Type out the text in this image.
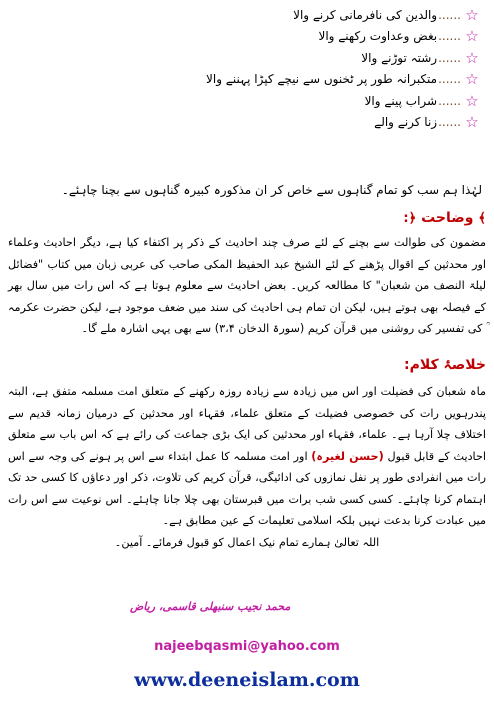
☆
......
والدین کی نافرمانی کرنے والا
☆
......
بغض وعداوت رکھنے والا
☆
......
رشتہ توڑنے والا
☆
......
متکبرانہ طور پر ٹخنوں سے نیچے کپڑا پہننے والا
☆
......
شراب پینے والا
☆
......
زنا کرنے والے
لہٰذا ہم سب کو تمام گناہوں سے خاص کر ان مذکورہ کبیرہ گناہوں سے بچنا چاہئے۔
﴾ وضاحت ﴿:
مضمون کی طوالت سے بچنے کے لئے صرف چند احادیث کے ذکر پر اکتفاء کیا ہے، دیگر احادیث وعلماء اور محدثین کے اقوال پڑھنے کے لئے الشیخ عبد الحفیظ المکی صاحب کی عربی زبان میں کتاب "فضائل لیلۃ النصف من شعبان" کا مطالعہ کریں۔ بعض احادیث سے معلوم ہوتا ہے کہ اس رات میں سال بھر کے فیصلہ بھی ہوتے ہیں، لیکن ان تمام ہی احادیث کی سند میں ضعف موجود ہے، لیکن حضرت عکرمہ ؒ کی تفسیر کی روشنی میں قرآن کریم (سورۃ الدخان ۳،۴) سے بھی یہی اشارہ ملے گا۔
خلاصۂ کلام:
ماہ شعبان کی فضیلت اور اس میں زیادہ سے زیادہ روزہ رکھنے کے متعلق امت مسلمہ متفق ہے، البتہ پندرہویں رات کی خصوصی فضیلت کے متعلق علماء، فقہاء اور محدثین کے درمیان زمانہ قدیم سے اختلاف چلا آرہا ہے۔ علماء، فقہاء اور محدثین کی ایک بڑی جماعت کی رائے ہے کہ اس باب سے متعلق احادیث کے قابل قبول (حسن لغیرہ) اور امت مسلمہ کا عمل ابتداء سے اس پر ہونے کی وجہ سے اس رات میں انفرادی طور پر نفل نمازوں کی ادائیگی، قرآن کریم کی تلاوت، ذکر اور دعاؤں کا کسی حد تک اہتمام کرنا چاہئے۔ کسی کسی شب برات میں قبرستان بھی چلا جانا چاہئے۔ اس نوعیت سے اس رات میں عبادت کرنا بدعت نہیں بلکہ اسلامی تعلیمات کے عین مطابق ہے۔
اللہ تعالیٰ ہمارے تمام نیک اعمال کو قبول فرمائے۔ آمین۔
محمد نجیب سنبھلی قاسمی، ریاض
najeebqasmi@yahoo.com
www.deeneislam.com
